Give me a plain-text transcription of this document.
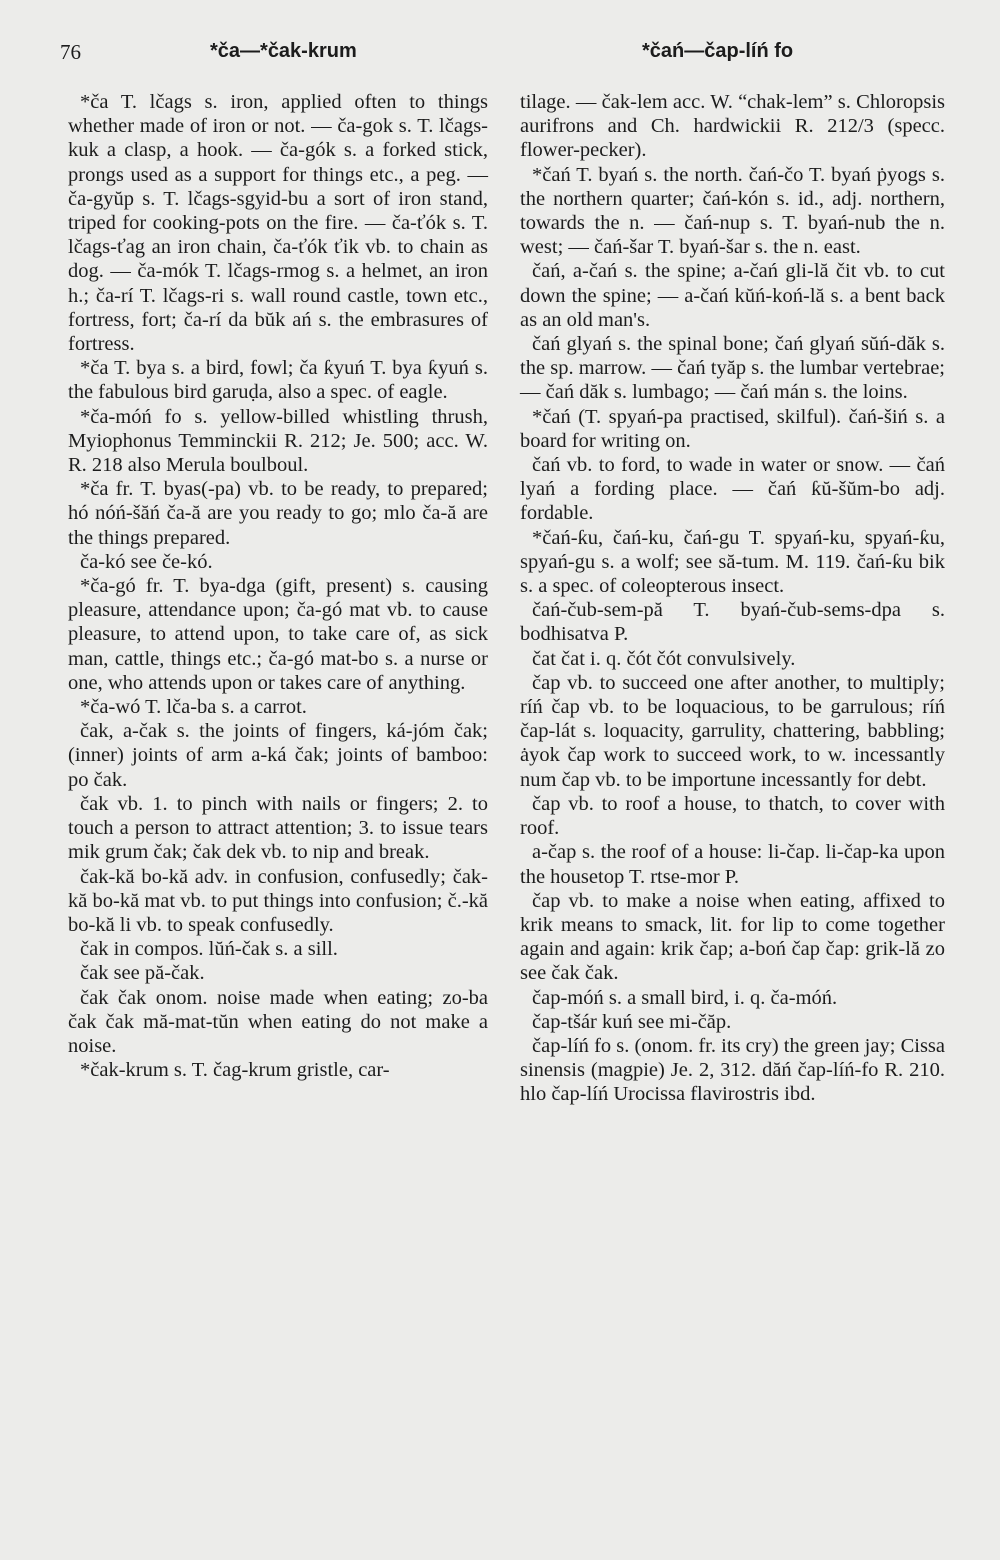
76	*ča—*čak-krum	*čań—čap-líń fo

*ča T. lčags s. iron, applied often to things whether made of iron or not. — ča-gok s. T. lčags-kuk a clasp, a hook. — ča-gók s. a forked stick, prongs used as a support for things etc., a peg. — ča-gyŭp s. T. lčags-sgyid-bu a sort of iron stand, triped for cooking-pots on the fire. — ča-ťók s. T. lčags-ťag an iron chain, ča-ťók ťik vb. to chain as dog. — ča-mók T. lčags-rmog s. a helmet, an iron h.; ča-rí T. lčags-ri s. wall round castle, town etc., fortress, fort; ča-rí da bŭk ań s. the embrasures of fortress.

*ča T. bya s. a bird, fowl; ča ƙyuń T. bya ƙyuń s. the fabulous bird garuḍa, also a spec. of eagle.

*ča-móń fo s. yellow-billed whistling thrush, Myiophonus Temminckii R. 212; Je. 500; acc. W. R. 218 also Merula boulboul.

*ča fr. T. byas(-pa) vb. to be ready, to prepared; hó nóń-šăń ča-ă are you ready to go; mlo ča-ă are the things prepared.

ča-kó see če-kó.

*ča-gó fr. T. bya-dga (gift, present) s. causing pleasure, attendance upon; ča-gó mat vb. to cause pleasure, to attend upon, to take care of, as sick man, cattle, things etc.; ča-gó mat-bo s. a nurse or one, who attends upon or takes care of anything.

*ča-wó T. lča-ba s. a carrot.

čak, a-čak s. the joints of fingers, ká-jóm čak; (inner) joints of arm a-ká čak; joints of bamboo: po čak.

čak vb. 1. to pinch with nails or fingers; 2. to touch a person to attract attention; 3. to issue tears mik grum čak; čak dek vb. to nip and break.

čak-kă bo-kă adv. in confusion, confusedly; čak-kă bo-kă mat vb. to put things into confusion; č.-kă bo-kă li vb. to speak confusedly.

čak in compos. lŭń-čak s. a sill.

čak see pă-čak.

čak čak onom. noise made when eating; zo-ba čak čak mă-mat-tŭn when eating do not make a noise.

*čak-krum s. T. čag-krum gristle, car-

tilage. — čak-lem acc. W. “chak-lem” s. Chloropsis aurifrons and Ch. hardwickii R. 212/3 (specc. flower-pecker).

*čań T. byań s. the north. čań-čo T. byań ṗyogs s. the northern quarter; čań-kón s. id., adj. northern, towards the n. — čań-nup s. T. byań-nub the n. west; — čań-šar T. byań-šar s. the n. east.

čań, a-čań s. the spine; a-čań gli-lă čit vb. to cut down the spine; — a-čań kŭń-koń-lă s. a bent back as an old man's.

čań glyań s. the spinal bone; čań glyań sŭń-dăk s. the sp. marrow. — čań tyăp s. the lumbar vertebrae; — čań dăk s. lumbago; — čań mán s. the loins.

*čań (T. spyań-pa practised, skilful). čań-šiń s. a board for writing on.

čań vb. to ford, to wade in water or snow. — čań lyań a fording place. — čań ƙŭ-šŭm-bo adj. fordable.

*čań-ƙu, čań-ku, čań-gu T. spyań-ku, spyań-ƙu, spyań-gu s. a wolf; see să-tum. M. 119. čań-ƙu bik s. a spec. of coleopterous insect.

čań-čub-sem-pă T. byań-čub-sems-dpa s. bodhisatva P.

čat čat i. q. čót čót convulsively.

čap vb. to succeed one after another, to multiply; ríń čap vb. to be loquacious, to be garrulous; ríń čap-lát s. loquacity, garrulity, chattering, babbling; ȧyok čap work to succeed work, to w. incessantly num čap vb. to be importune incessantly for debt.

čap vb. to roof a house, to thatch, to cover with roof.

a-čap s. the roof of a house: li-čap. li-čap-ka upon the housetop T. rtse-mor P.

čap vb. to make a noise when eating, affixed to krik means to smack, lit. for lip to come together again and again: krik čap; a-boń čap čap: grik-lă zo see čak čak.

čap-móń s. a small bird, i. q. ča-móń.

čap-tšár kuń see mi-čăp.

čap-líń fo s. (onom. fr. its cry) the green jay; Cissa sinensis (magpie) Je. 2, 312. dăń čap-líń-fo R. 210. hlo čap-líń Urocissa flavirostris ibd.
